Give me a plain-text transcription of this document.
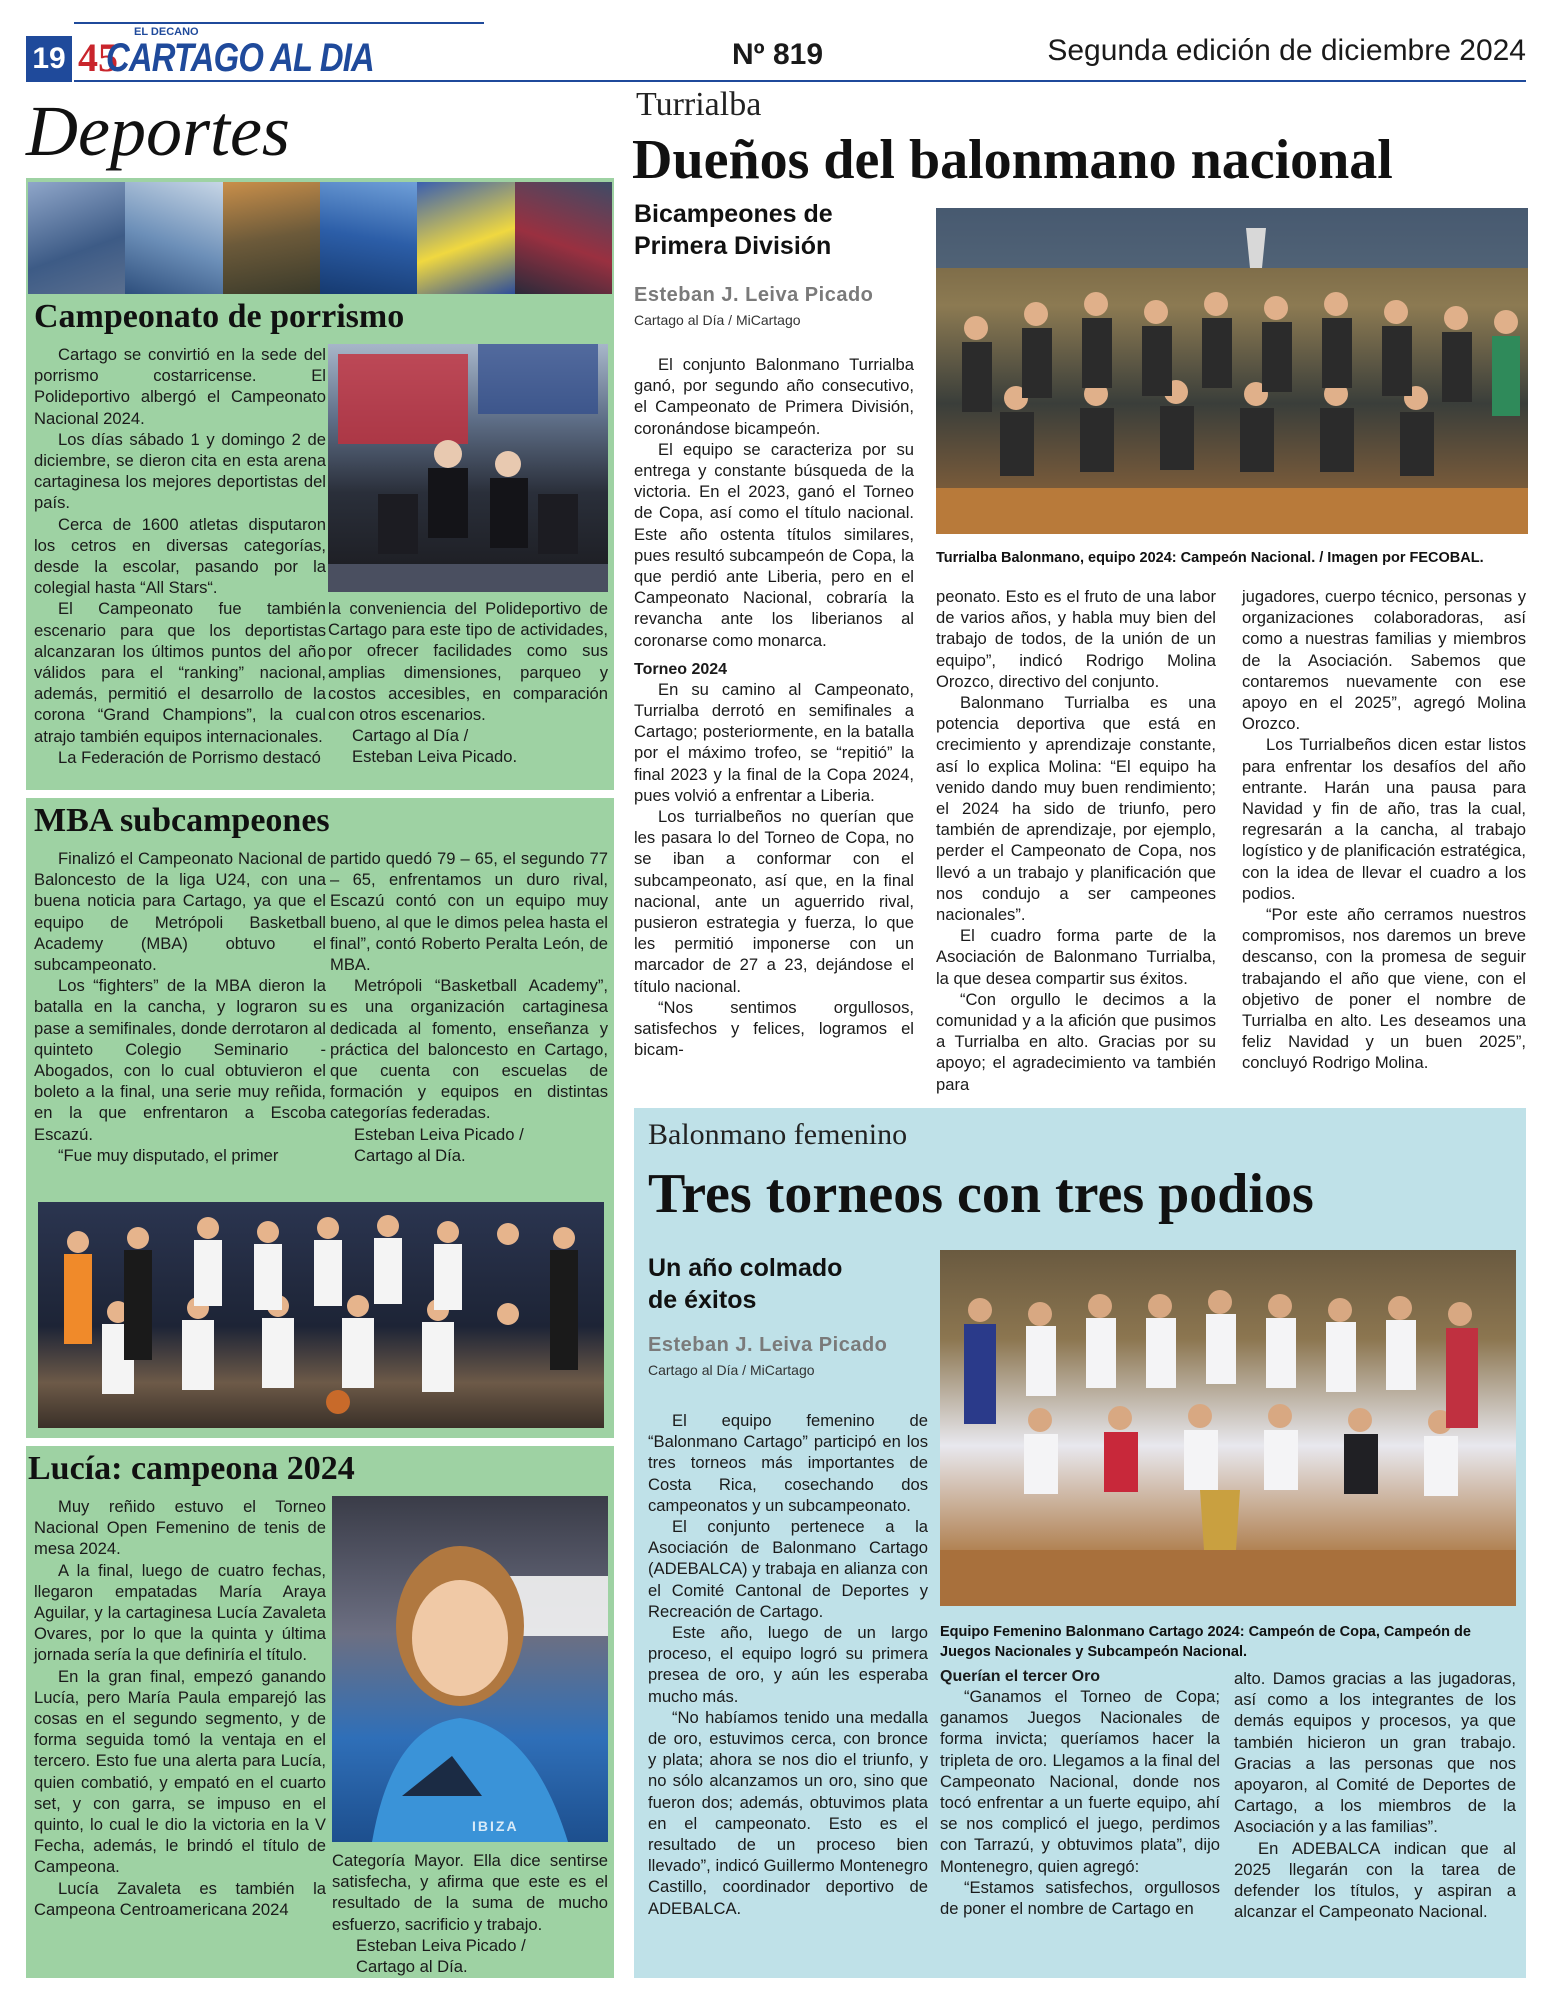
19
EL DECANO
45
CARTAGO AL DIA	Nº 819	Segunda edición de diciembre 2024
Deportes
Campeonato de porrismo

Cartago se convirtió en la sede del porrismo costarricense. El Polideportivo albergó el Campeonato Nacional 2024.

Los días sábado 1 y domingo 2 de diciembre, se dieron cita en esta arena cartaginesa los mejores deportistas del país.

Cerca de 1600 atletas disputaron los cetros en diversas categorías, desde la escolar, pasando por la colegial hasta “All Stars“.

El Campeonato fue también escenario para que los deportistas alcanzaran los últimos puntos del año válidos para el “ranking” nacional, además, permitió el desarrollo de la corona “Grand Champions”, la cual atrajo también equipos internacionales.

La Federación de Porrismo destacó

la conveniencia del Polideportivo de Cartago para este tipo de actividades, por ofrecer facilidades como sus amplias dimensiones, parqueo y costos accesibles, en comparación con otros escenarios.

Cartago al Día /

Esteban Leiva Picado.

MBA subcampeones

Finalizó el Campeonato Nacional de Baloncesto de la liga U24, con una buena noticia para Cartago, ya que el equipo de Metrópoli Basketball Academy (MBA) obtuvo el subcampeonato.

Los “fighters” de la MBA dieron la batalla en la cancha, y lograron su pase a semifinales, donde derrotaron al quinteto Colegio Seminario - Abogados, con lo cual obtuvieron el boleto a la final, una serie muy reñida, en la que enfrentaron a Escoba Escazú.

“Fue muy disputado, el primer

partido quedó 79 – 65, el segundo 77 – 65, enfrentamos un duro rival, Escazú contó con un equipo muy bueno, al que le dimos pelea hasta el final”, contó Roberto Peralta León, de MBA.

Metrópoli “Basketball Academy”, es una organización cartaginesa dedicada al fomento, enseñanza y práctica del baloncesto en Cartago, que cuenta con escuelas de formación y equipos en distintas categorías federadas.

Esteban Leiva Picado /

Cartago al Día.

Lucía: campeona 2024

Muy reñido estuvo el Torneo Nacional Open Femenino de tenis de mesa 2024.

A la final, luego de cuatro fechas, llegaron empatadas María Araya Aguilar, y la cartaginesa Lucía Zavaleta Ovares, por lo que la quinta y última jornada sería la que definiría el título.

En la gran final, empezó ganando Lucía, pero María Paula emparejó las cosas en el segundo segmento, y de forma seguida tomó la ventaja en el tercero. Esto fue una alerta para Lucía, quien combatió, y empató en el cuarto set, y con garra, se impuso en el quinto, lo cual le dio la victoria en la V Fecha, además, le brindó el título de Campeona.

Lucía Zavaleta es también la Campeona Centroamericana 2024

IBIZA

Categoría Mayor. Ella dice sentirse satisfecha, y afirma que este es el resultado de la suma de mucho esfuerzo, sacrificio y trabajo.

Esteban Leiva Picado /

Cartago al Día.

Turrialba
Dueños del balonmano nacional
Bicampeones de Primera División
Esteban J. Leiva Picado
Cartago al Día / MiCartago

El conjunto Balonmano Turrialba ganó, por segundo año consecutivo, el Campeonato de Primera División, coronándose bicampeón.

El equipo se caracteriza por su entrega y constante búsqueda de la victoria. En el 2023, ganó el Torneo de Copa, así como el título nacional. Este año ostenta títulos similares, pues resultó subcampeón de Copa, la que perdió ante Liberia, pero en el Campeonato Nacional, cobraría la revancha ante los liberianos al coronarse como monarca.

Torneo 2024

En su camino al Campeonato, Turrialba derrotó en semifinales a Cartago; posteriormente, en la batalla por el máximo trofeo, se “repitió” la final 2023 y la final de la Copa 2024, pues volvió a enfrentar a Liberia.

Los turrialbeños no querían que les pasara lo del Torneo de Copa, no se iban a conformar con el subcampeonato, así que, en la final nacional, ante un aguerrido rival, pusieron estrategia y fuerza, lo que les permitió imponerse con un marcador de 27 a 23, dejándose el título nacional.

“Nos sentimos orgullosos, satisfechos y felices, logramos el bicam-

Turrialba Balonmano, equipo 2024: Campeón Nacional. / Imagen por FECOBAL.

peonato. Esto es el fruto de una labor de varios años, y habla muy bien del trabajo de todos, de la unión de un equipo”, indicó Rodrigo Molina Orozco, directivo del conjunto.

Balonmano Turrialba es una potencia deportiva que está en crecimiento y aprendizaje constante, así lo explica Molina: “El equipo ha venido dando muy buen rendimiento; el 2024 ha sido de triunfo, pero también de aprendizaje, por ejemplo, perder el Campeonato de Copa, nos llevó a un trabajo y planificación que nos condujo a ser campeones nacionales”.

El cuadro forma parte de la Asociación de Balonmano Turrialba, la que desea compartir sus éxitos.

“Con orgullo le decimos a la comunidad y a la afición que pusimos a Turrialba en alto. Gracias por su apoyo; el agradecimiento va también para

jugadores, cuerpo técnico, personas y organizaciones colaboradoras, así como a nuestras familias y miembros de la Asociación. Sabemos que contaremos nuevamente con ese apoyo en el 2025”, agregó Molina Orozco.

Los Turrialbeños dicen estar listos para enfrentar los desafíos del año entrante. Harán una pausa para Navidad y fin de año, tras la cual, regresarán a la cancha, al trabajo logístico y de planificación estratégica, con la idea de llevar el cuadro a los podios.

“Por este año cerramos nuestros compromisos, nos daremos un breve descanso, con la promesa de seguir trabajando el año que viene, con el objetivo de poner el nombre de Turrialba en alto. Les deseamos una feliz Navidad y un buen 2025”, concluyó Rodrigo Molina.

Balonmano femenino
Tres torneos con tres podios
Un año colmado de éxitos
Esteban J. Leiva Picado
Cartago al Día / MiCartago

El equipo femenino de “Balonmano Cartago” participó en los tres torneos más importantes de Costa Rica, cosechando dos campeonatos y un subcampeonato.

El conjunto pertenece a la Asociación de Balonmano Cartago (ADEBALCA) y trabaja en alianza con el Comité Cantonal de Deportes y Recreación de Cartago.

Este año, luego de un largo proceso, el equipo logró su primera presea de oro, y aún les esperaba mucho más.

“No habíamos tenido una medalla de oro, estuvimos cerca, con bronce y plata; ahora se nos dio el triunfo, y no sólo alcanzamos un oro, sino que fueron dos; además, obtuvimos plata en el campeonato. Esto es el resultado de un proceso bien llevado”, indicó Guillermo Montenegro Castillo, coordinador deportivo de ADEBALCA.

Equipo Femenino Balonmano Cartago 2024: Campeón de Copa, Campeón de Juegos Nacionales y Subcampeón Nacional.

Querían el tercer Oro

“Ganamos el Torneo de Copa; ganamos Juegos Nacionales de forma invicta; queríamos hacer la tripleta de oro. Llegamos a la final del Campeonato Nacional, donde nos tocó enfrentar a un fuerte equipo, ahí se nos complicó el juego, perdimos con Tarrazú, y obtuvimos plata”, dijo Montenegro, quien agregó:

“Estamos satisfechos, orgullosos de poner el nombre de Cartago en

alto. Damos gracias a las jugadoras, así como a los integrantes de los demás equipos y procesos, ya que también hicieron un gran trabajo. Gracias a las personas que nos apoyaron, al Comité de Deportes de Cartago, a los miembros de la Asociación y a las familias”.

En ADEBALCA indican que al 2025 llegarán con la tarea de defender los títulos, y aspiran a alcanzar el Campeonato Nacional.
